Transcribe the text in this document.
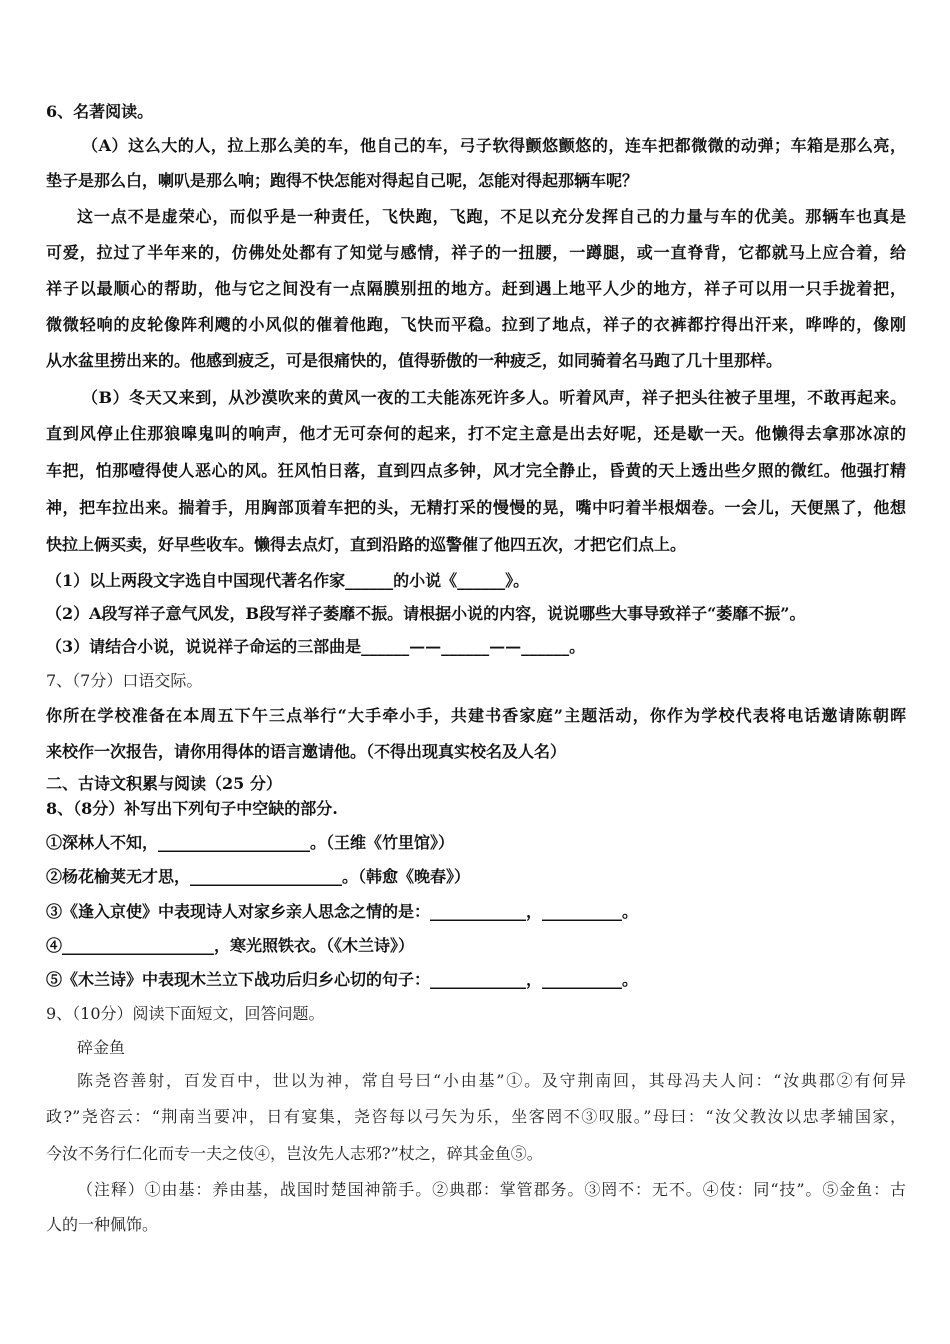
6、名著阅读。
（A）这么大的人，拉上那么美的车，他自己的车，弓子软得颤悠颤悠的，连车把都微微的动弹；车箱是那么亮，
垫子是那么白，喇叭是那么响；跑得不快怎能对得起自己呢，怎能对得起那辆车呢？
这一点不是虚荣心，而似乎是一种责任，飞快跑，飞跑，不足以充分发挥自己的力量与车的优美。那辆车也真是
可爱，拉过了半年来的，仿佛处处都有了知觉与感情，祥子的一扭腰，一蹲腿，或一直脊背，它都就马上应合着，给
祥子以最顺心的帮助，他与它之间没有一点隔膜别扭的地方。赶到遇上地平人少的地方，祥子可以用一只手拢着把，
微微轻响的皮轮像阵利飕的小风似的催着他跑，飞快而平稳。拉到了地点，祥子的衣裤都拧得出汗来，哗哗的，像刚
从水盆里捞出来的。他感到疲乏，可是很痛快的，值得骄傲的一种疲乏，如同骑着名马跑了几十里那样。
（B）冬天又来到，从沙漠吹来的黄风一夜的工夫能冻死许多人。听着风声，祥子把头往被子里埋，不敢再起来。
直到风停止住那狼嗥鬼叫的响声，他才无可奈何的起来，打不定主意是出去好呢，还是歇一天。他懒得去拿那冰凉的
车把，怕那噎得使人恶心的风。狂风怕日落，直到四点多钟，风才完全静止，昏黄的天上透出些夕照的微红。他强打精
神，把车拉出来。揣着手，用胸部顶着车把的头，无精打采的慢慢的晃，嘴中叼着半根烟卷。一会儿，天便黑了，他想
快拉上俩买卖，好早些收车。懒得去点灯，直到沿路的巡警催了他四五次，才把它们点上。
（1）以上两段文字选自中国现代著名作家______的小说《______》。
（2）A段写祥子意气风发，B段写祥子萎靡不振。请根据小说的内容，说说哪些大事导致祥子“萎靡不振”。
（3）请结合小说，说说祥子命运的三部曲是______——______——______。
7、（7分）口语交际。
你所在学校准备在本周五下午三点举行“大手牵小手，共建书香家庭”主题活动，你作为学校代表将电话邀请陈朝晖
来校作一次报告，请你用得体的语言邀请他。（不得出现真实校名及人名）
二、古诗文积累与阅读（25 分）
8、（8分）补写出下列句子中空缺的部分.
①深林人不知，___________________。（王维《竹里馆》）
②杨花榆荚无才思，___________________。（韩愈《晚春》）
③《逢入京使》中表现诗人对家乡亲人思念之情的是：____________，__________。
④___________________，寒光照铁衣。（《木兰诗》）
⑤《木兰诗》中表现木兰立下战功后归乡心切的句子：____________，__________。
9、（10分）阅读下面短文，回答问题。
碎金鱼
陈尧咨善射，百发百中，世以为神，常自号曰“小由基”①。及守荆南回，其母冯夫人问：“汝典郡②有何异
政?”尧咨云：“荆南当要冲，日有宴集，尧咨每以弓矢为乐，坐客罔不③叹服。”母曰：“汝父教汝以忠孝辅国家，
今汝不务行仁化而专一夫之伎④，岂汝先人志邪?”杖之，碎其金鱼⑤。
（注释）①由基：养由基，战国时楚国神箭手。②典郡：掌管郡务。③罔不：无不。④伎：同“技”。⑤金鱼：古
人的一种佩饰。
